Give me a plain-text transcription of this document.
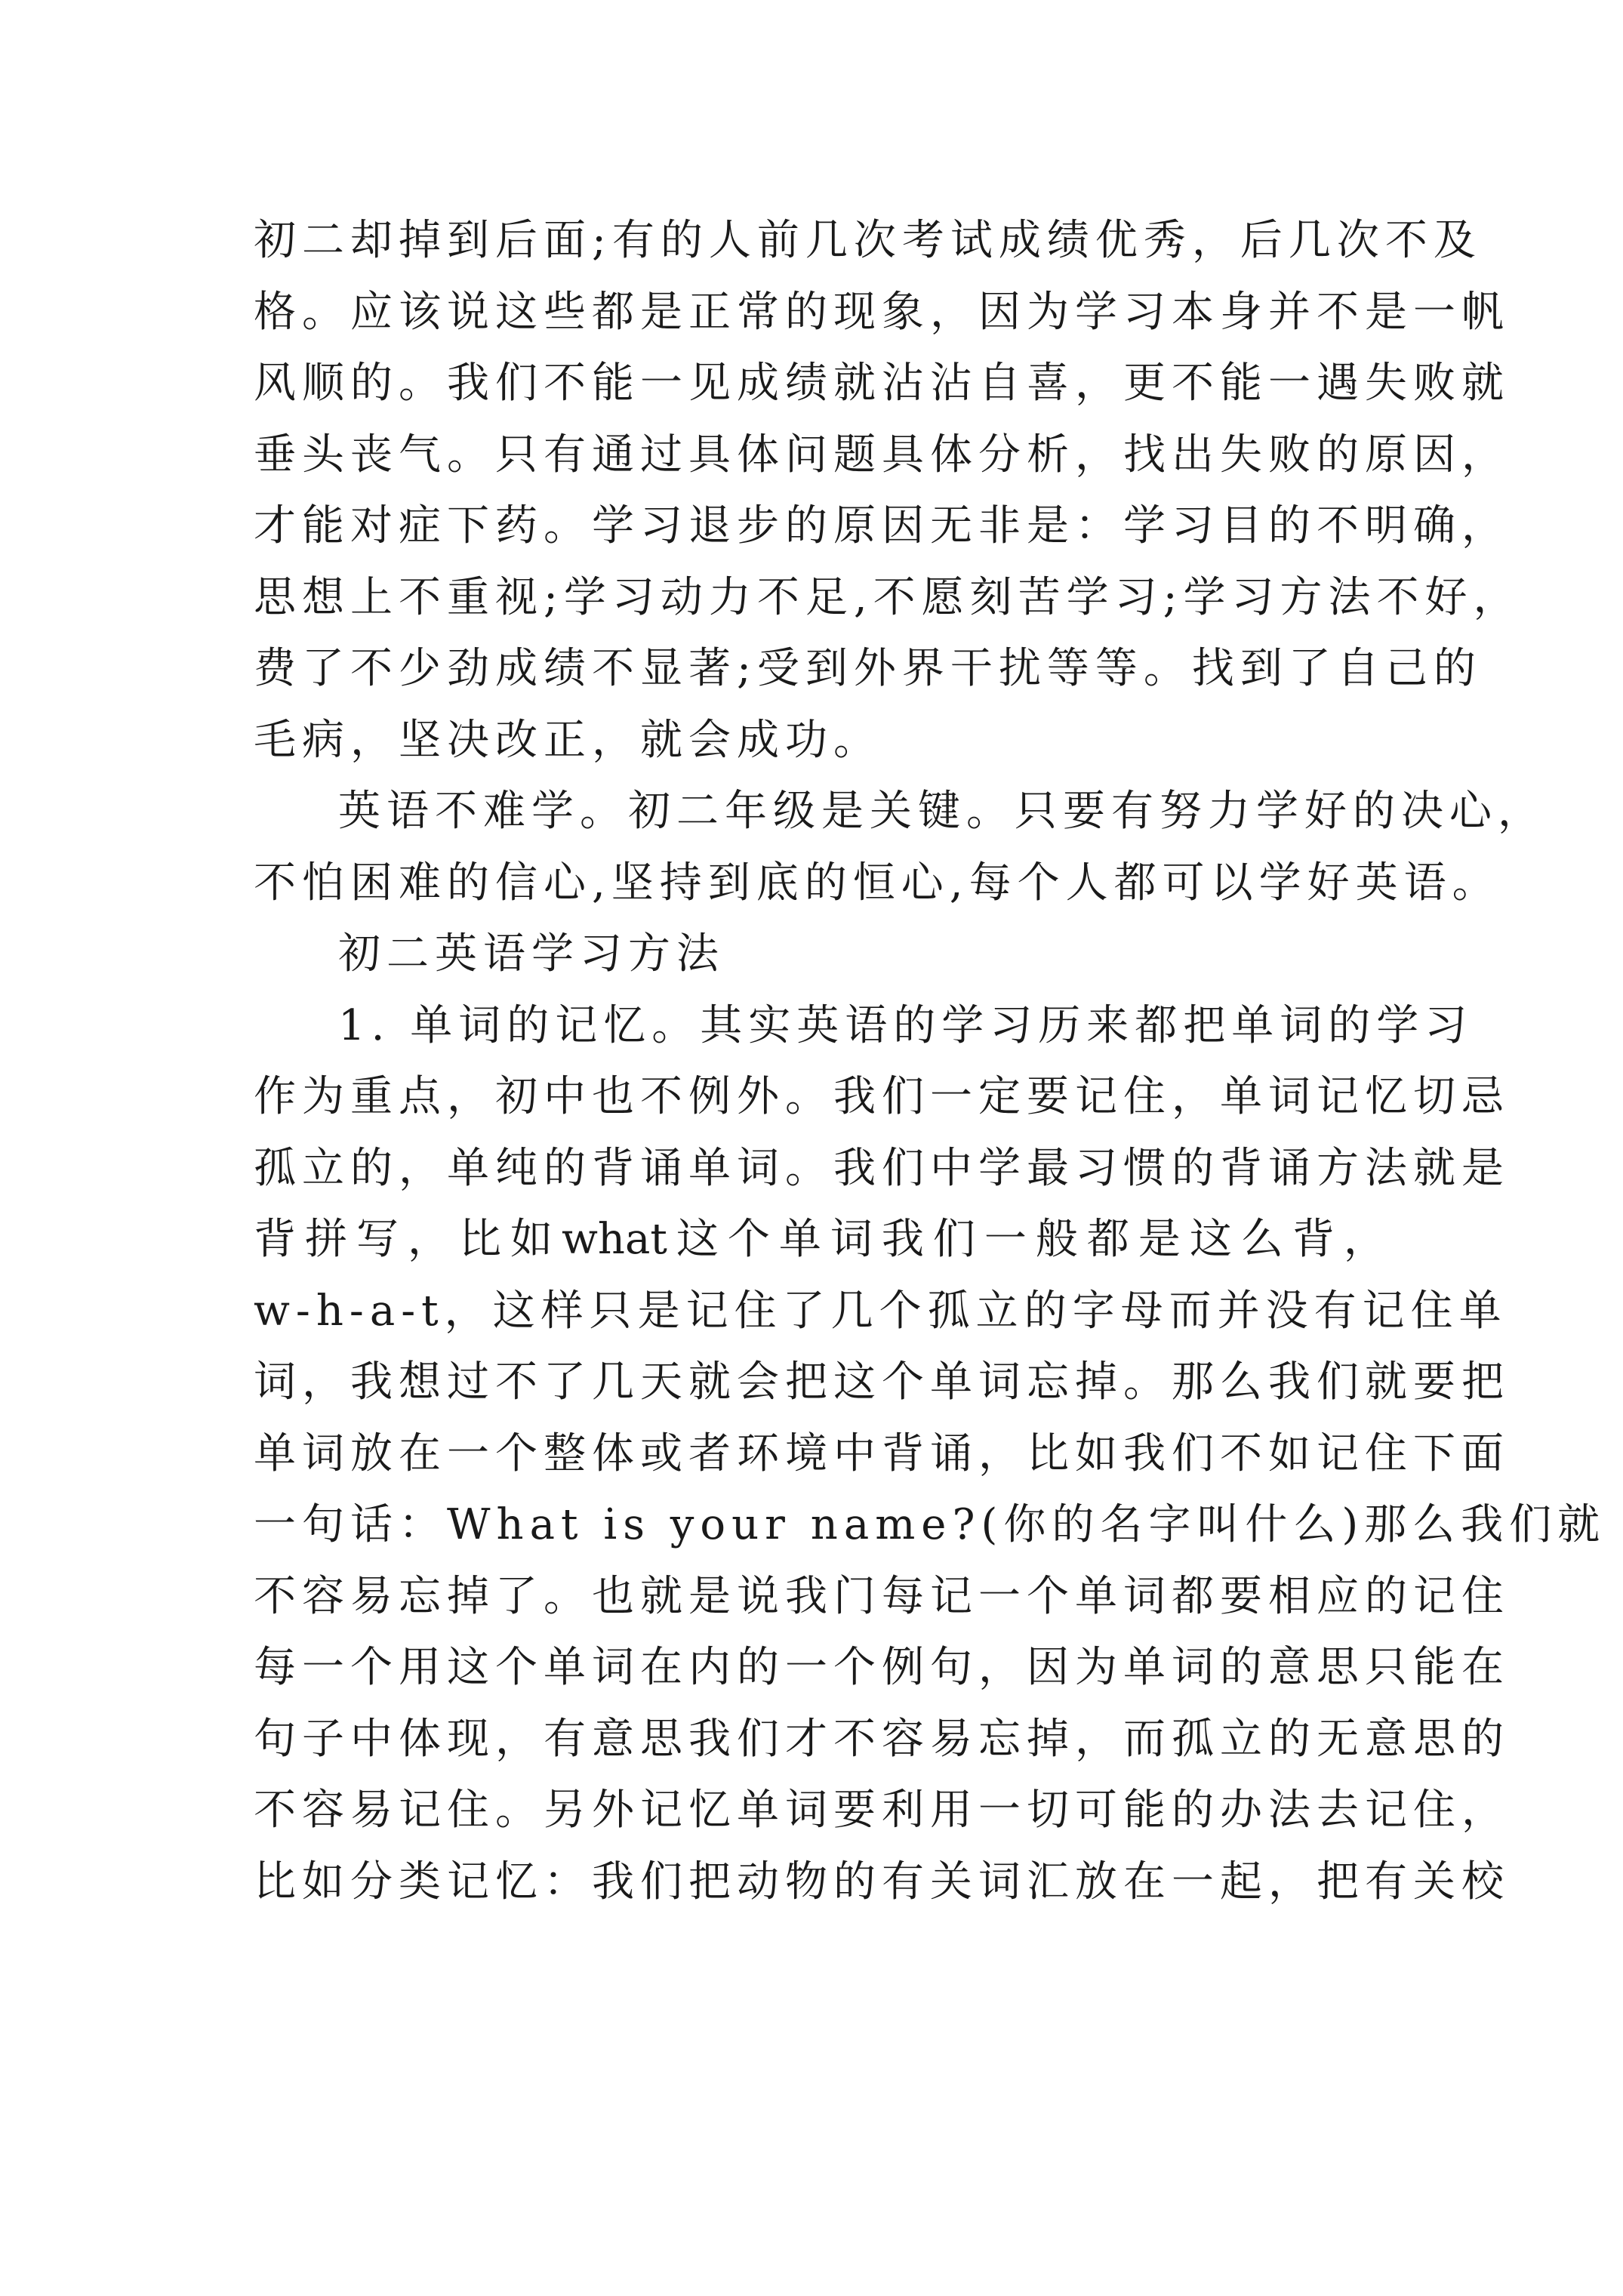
初二却掉到后面;有的人前几次考试成绩优秀，后几次不及
格。应该说这些都是正常的现象，因为学习本身并不是一帆
风顺的。我们不能一见成绩就沾沾自喜，更不能一遇失败就
垂头丧气。只有通过具体问题具体分析，找出失败的原因，
才能对症下药。学习退步的原因无非是：学习目的不明确，
思想上不重视;学习动力不足,不愿刻苦学习;学习方法不好，
费了不少劲成绩不显著;受到外界干扰等等。找到了自己的
毛病，坚决改正，就会成功。
英语不难学。初二年级是关键。只要有努力学好的决心，
不怕困难的信心,坚持到底的恒心,每个人都可以学好英语。
初二英语学习方法
1. 单词的记忆。其实英语的学习历来都把单词的学习
作为重点，初中也不例外。我们一定要记住，单词记忆切忌
孤立的，单纯的背诵单词。我们中学最习惯的背诵方法就是
背 拼 写 ， 比 如 what 这 个 单 词 我 们 一 般 都 是 这 么 背 ，
w-h-a-t，这样只是记住了几个孤立的字母而并没有记住单
词，我想过不了几天就会把这个单词忘掉。那么我们就要把
单词放在一个整体或者环境中背诵，比如我们不如记住下面
一句话：What is your name?(你的名字叫什么)那么我们就
不容易忘掉了。也就是说我门每记一个单词都要相应的记住
每一个用这个单词在内的一个例句，因为单词的意思只能在
句子中体现，有意思我们才不容易忘掉，而孤立的无意思的
不容易记住。另外记忆单词要利用一切可能的办法去记住，
比如分类记忆：我们把动物的有关词汇放在一起，把有关校
